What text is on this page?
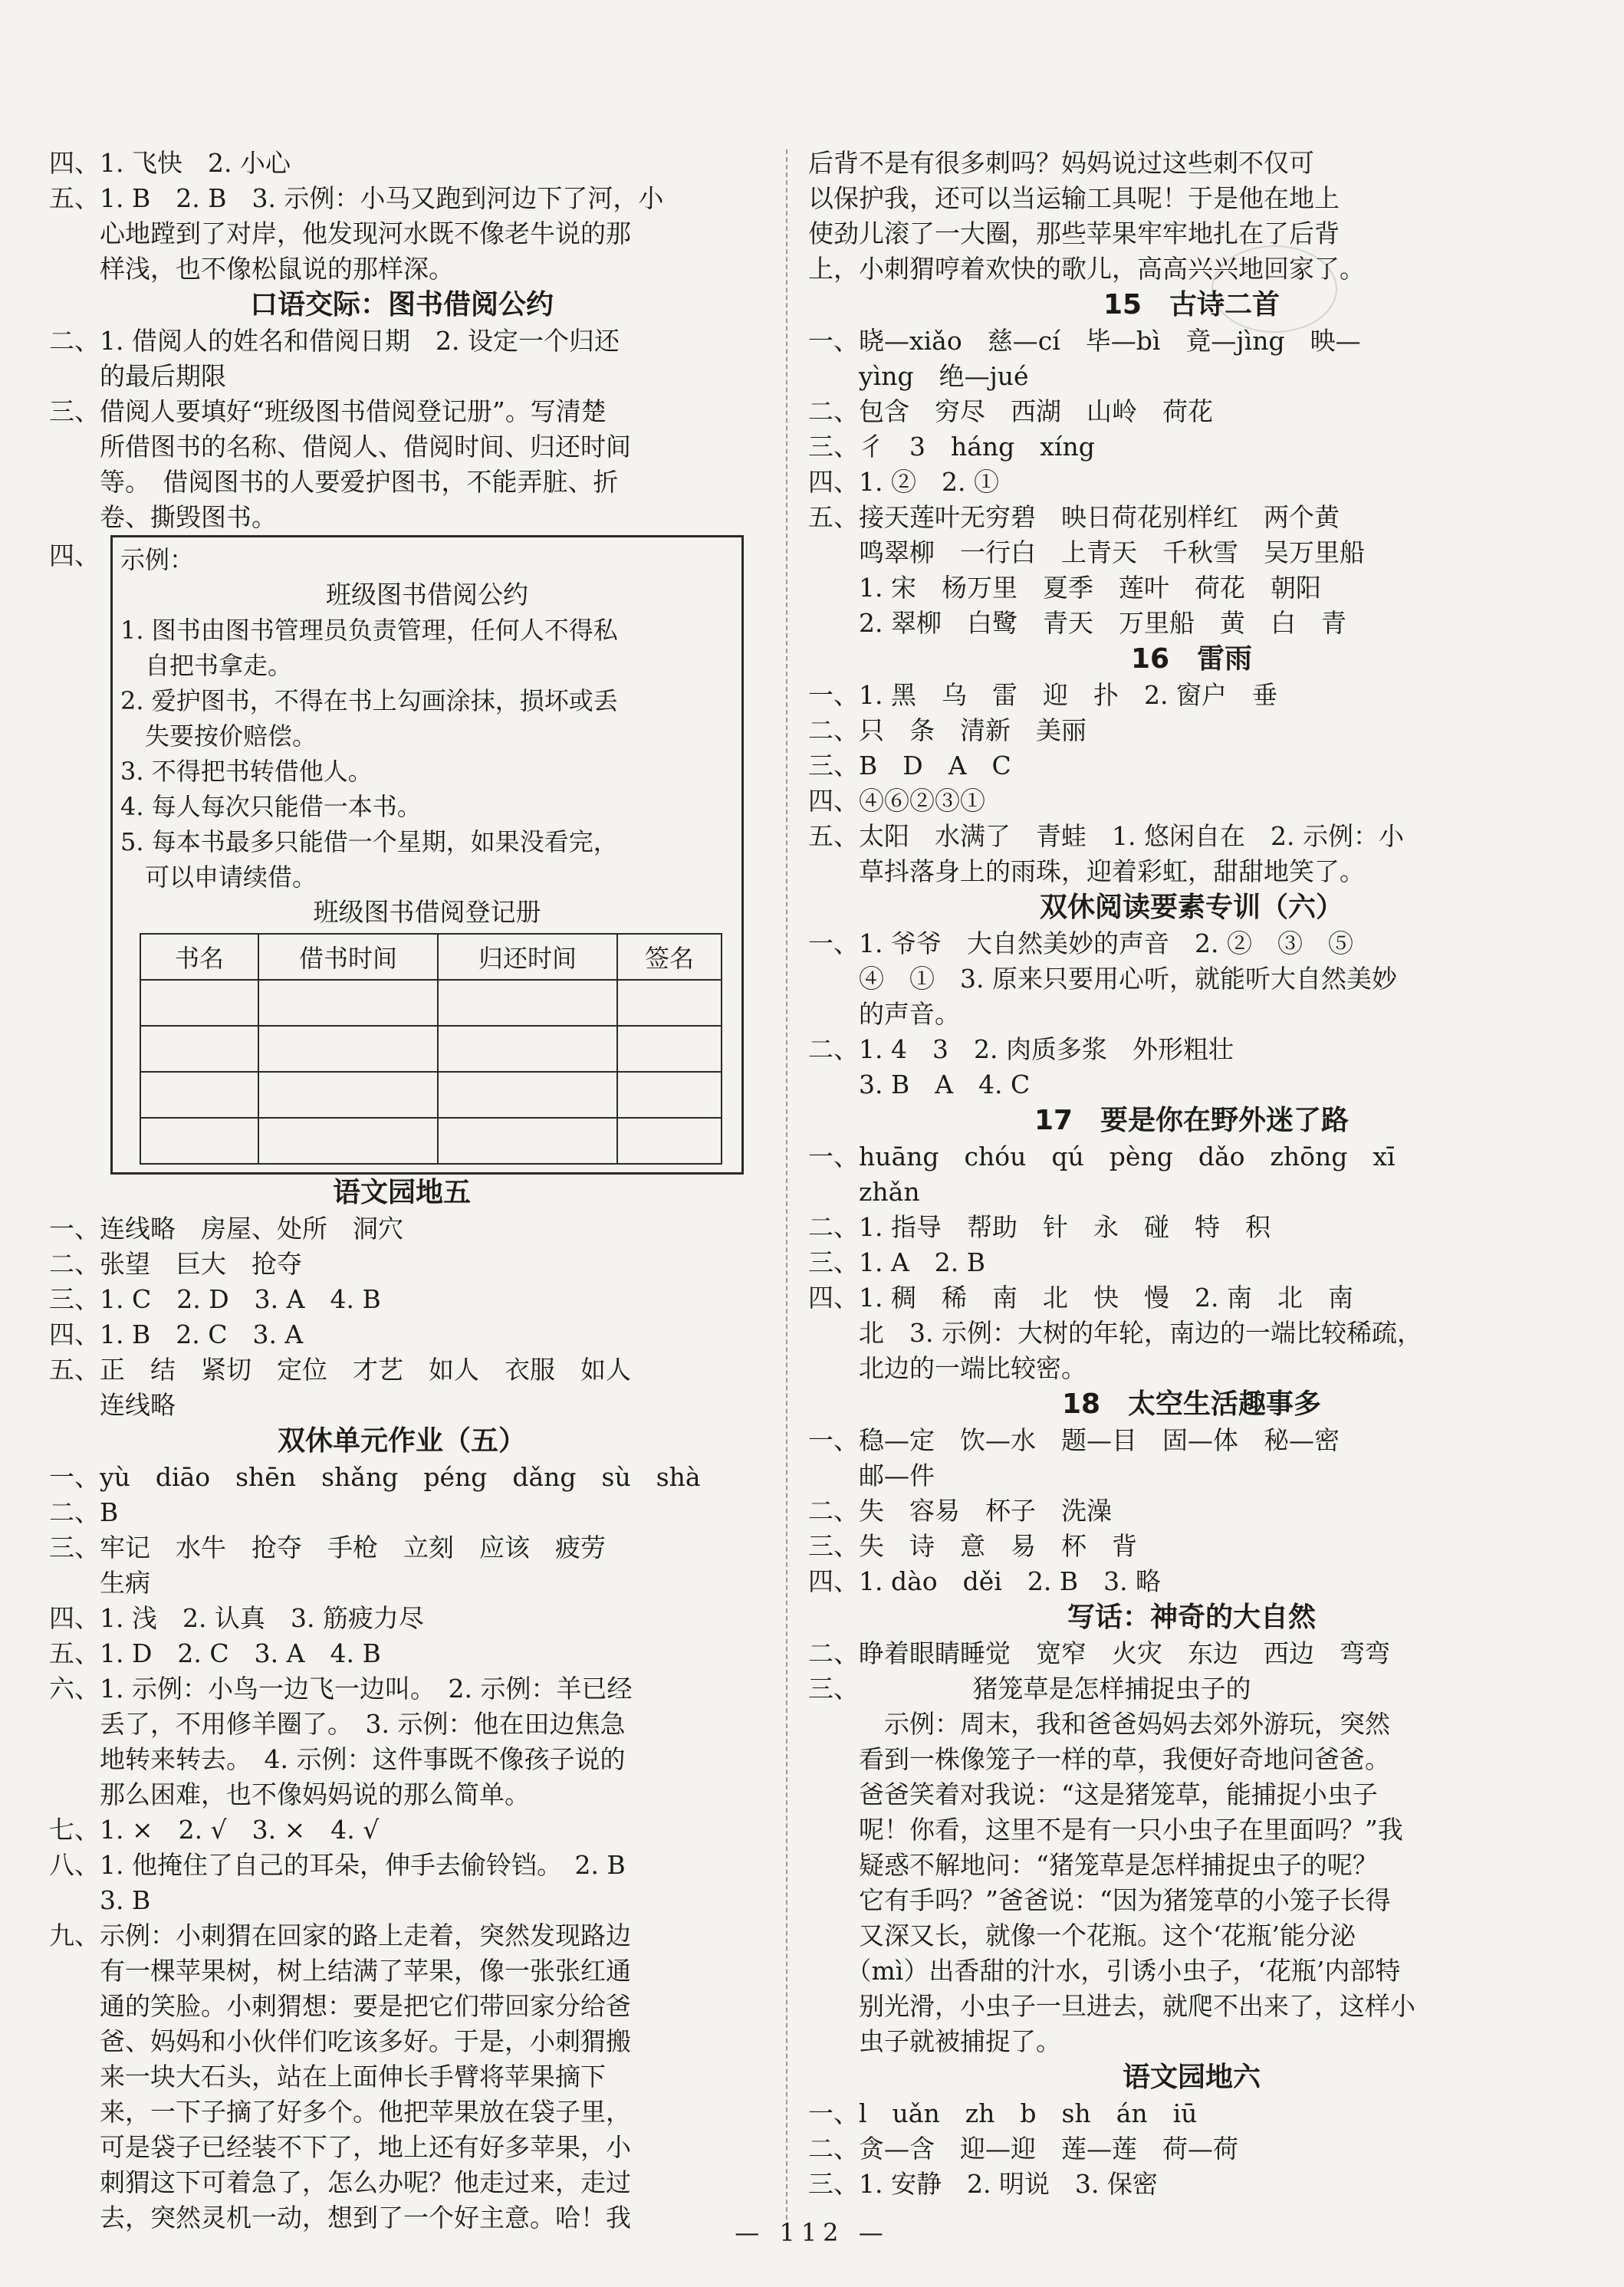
四、1. 飞快　2. 小心
五、1. B　2. B　3. 示例：小马又跑到河边下了河，小
　　心地蹚到了对岸，他发现河水既不像老牛说的那
　　样浅，也不像松鼠说的那样深。
口语交际：图书借阅公约
二、1. 借阅人的姓名和借阅日期　2. 设定一个归还
　　的最后期限
三、借阅人要填好“班级图书借阅登记册”。写清楚
　　所借图书的名称、借阅人、借阅时间、归还时间
　　等。　借阅图书的人要爱护图书，不能弄脏、折
　　卷、撕毁图书。
四、 示例：
班级图书借阅公约
1. 图书由图书管理员负责管理，任何人不得私
　自把书拿走。
2. 爱护图书，不得在书上勾画涂抹，损坏或丢
　失要按价赔偿。
3. 不得把书转借他人。
4. 每人每次只能借一本书。
5. 每本书最多只能借一个星期，如果没看完，
　可以申请续借。
班级图书借阅登记册
书名	借书时间	归还时间	签名

语文园地五
一、连线略　房屋、处所　洞穴
二、张望　巨大　抢夺
三、1. C　2. D　3. A　4. B
四、1. B　2. C　3. A
五、正　结　紧切　定位　才艺　如人　衣服　如人
　　连线略
双休单元作业（五）
一、yù　diāo　shēn　shǎng　péng　dǎng　sù　shà
二、B
三、牢记　水牛　抢夺　手枪　立刻　应该　疲劳
　　生病
四、1. 浅　2. 认真　3. 筋疲力尽
五、1. D　2. C　3. A　4. B
六、1. 示例：小鸟一边飞一边叫。　2. 示例：羊已经
　　丢了，不用修羊圈了。　3. 示例：他在田边焦急
　　地转来转去。　4. 示例：这件事既不像孩子说的
　　那么困难，也不像妈妈说的那么简单。
七、1. ×　2. √　3. ×　4. √
八、1. 他掩住了自己的耳朵，伸手去偷铃铛。　2. B
　　3. B
九、示例：小刺猬在回家的路上走着，突然发现路边
　　有一棵苹果树，树上结满了苹果，像一张张红通
　　通的笑脸。小刺猬想：要是把它们带回家分给爸
　　爸、妈妈和小伙伴们吃该多好。于是，小刺猬搬
　　来一块大石头，站在上面伸长手臂将苹果摘下
　　来，一下子摘了好多个。他把苹果放在袋子里，
　　可是袋子已经装不下了，地上还有好多苹果，小
　　刺猬这下可着急了，怎么办呢？他走过来，走过
　　去，突然灵机一动，想到了一个好主意。哈！我
后背不是有很多刺吗？妈妈说过这些刺不仅可
以保护我，还可以当运输工具呢！于是他在地上
使劲儿滚了一大圈，那些苹果牢牢地扎在了后背
上，小刺猬哼着欢快的歌儿，高高兴兴地回家了。
15　古诗二首
一、晓—xiǎo　慈—cí　毕—bì　竟—jìng　映—
　　yìng　绝—jué
二、包含　穷尽　西湖　山岭　荷花
三、彳　3　háng　xíng
四、1. ②　2. ①
五、接天莲叶无穷碧　映日荷花别样红　两个黄
　　鸣翠柳　一行白　上青天　千秋雪　吴万里船
　　1. 宋　杨万里　夏季　莲叶　荷花　朝阳
　　2. 翠柳　白鹭　青天　万里船　黄　白　青
16　雷雨
一、1. 黑　乌　雷　迎　扑　2. 窗户　垂
二、只　条　清新　美丽
三、B　D　A　C
四、④⑥②③①
五、太阳　水满了　青蛙　1. 悠闲自在　2. 示例：小
　　草抖落身上的雨珠，迎着彩虹，甜甜地笑了。
双休阅读要素专训（六）
一、1. 爷爷　大自然美妙的声音　2. ②　③　⑤
　　④　①　3. 原来只要用心听，就能听大自然美妙
　　的声音。
二、1. 4　3　2. 肉质多浆　外形粗壮
　　3. B　A　4. C
17　要是你在野外迷了路
一、huāng　chóu　qú　pèng　dǎo　zhōng　xī
　　zhǎn
二、1. 指导　帮助　针　永　碰　特　积
三、1. A　2. B
四、1. 稠　稀　南　北　快　慢　2. 南　北　南
　　北　3. 示例：大树的年轮，南边的一端比较稀疏，
　　北边的一端比较密。
18　太空生活趣事多
一、稳—定　饮—水　题—目　固—体　秘—密
　　邮—件
二、失　容易　杯子　洗澡
三、失　诗　意　易　杯　背
四、1. dào　děi　2. B　3. 略
写话：神奇的大自然
二、睁着眼睛睡觉　宽窄　火灾　东边　西边　弯弯
三、　　　　　猪笼草是怎样捕捉虫子的
　　　示例：周末，我和爸爸妈妈去郊外游玩，突然
　　看到一株像笼子一样的草，我便好奇地问爸爸。
　　爸爸笑着对我说：“这是猪笼草，能捕捉小虫子
　　呢！你看，这里不是有一只小虫子在里面吗？”我
　　疑惑不解地问：“猪笼草是怎样捕捉虫子的呢？
　　它有手吗？”爸爸说：“因为猪笼草的小笼子长得
　　又深又长，就像一个花瓶。这个‘花瓶’能分泌
　　（mì）出香甜的汁水，引诱小虫子，‘花瓶’内部特
　　别光滑，小虫子一旦进去，就爬不出来了，这样小
　　虫子就被捕捉了。
语文园地六
一、l　uǎn　zh　b　sh　án　iū
二、贪—含　迎—迎　莲—莲　荷—荷
三、1. 安静　2. 明说　3. 保密
— 112 —
